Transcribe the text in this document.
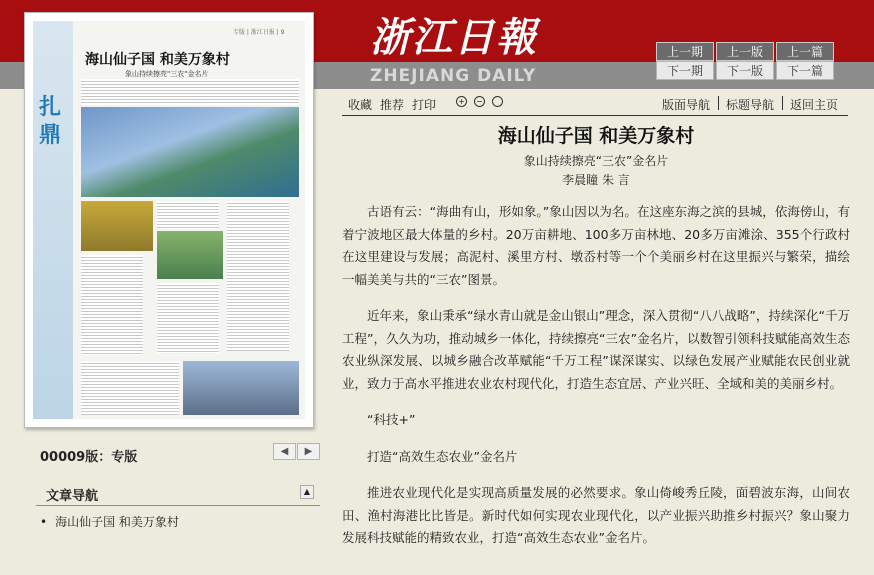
浙江日報
ZHEJIANG DAILY
上一期	上一版	上一篇
下一期	下一版	下一篇
扎鼎
专版 | 浙江日报 | 9
海山仙子国 和美万象村
象山持续擦亮"三农"金名片
00009版：专版	◀	▶
文章导航	▲
• 海山仙子国 和美万象村
收藏 推荐 打印	+ −	版面导航 标题导航 返回主页
海山仙子国 和美万象村
象山持续擦亮“三农”金名片
李晨瞳 朱 言

古语有云：“海曲有山，形如象。”象山因以为名。在这座东海之滨的县城，依海傍山，有着宁波地区最大体量的乡村。20万亩耕地、100多万亩林地、20多万亩滩涂、355个行政村在这里建设与发展；高泥村、溪里方村、墩岙村等一个个美丽乡村在这里振兴与繁荣，描绘一幅美美与共的“三农”图景。

近年来，象山秉承“绿水青山就是金山银山”理念，深入贯彻“八八战略”，持续深化“千万工程”，久久为功，推动城乡一体化，持续擦亮“三农”金名片，以数智引领科技赋能高效生态农业纵深发展、以城乡融合改革赋能“千万工程”谋深谋实、以绿色发展产业赋能农民创业就业，致力于高水平推进农业农村现代化，打造生态宜居、产业兴旺、全域和美的美丽乡村。

“科技+”

打造“高效生态农业”金名片

推进农业现代化是实现高质量发展的必然要求。象山倚峻秀丘陵，面碧波东海，山间农田、渔村海港比比皆是。新时代如何实现农业现代化，以产业振兴助推乡村振兴？象山聚力发展科技赋能的精致农业，打造“高效生态农业”金名片。
